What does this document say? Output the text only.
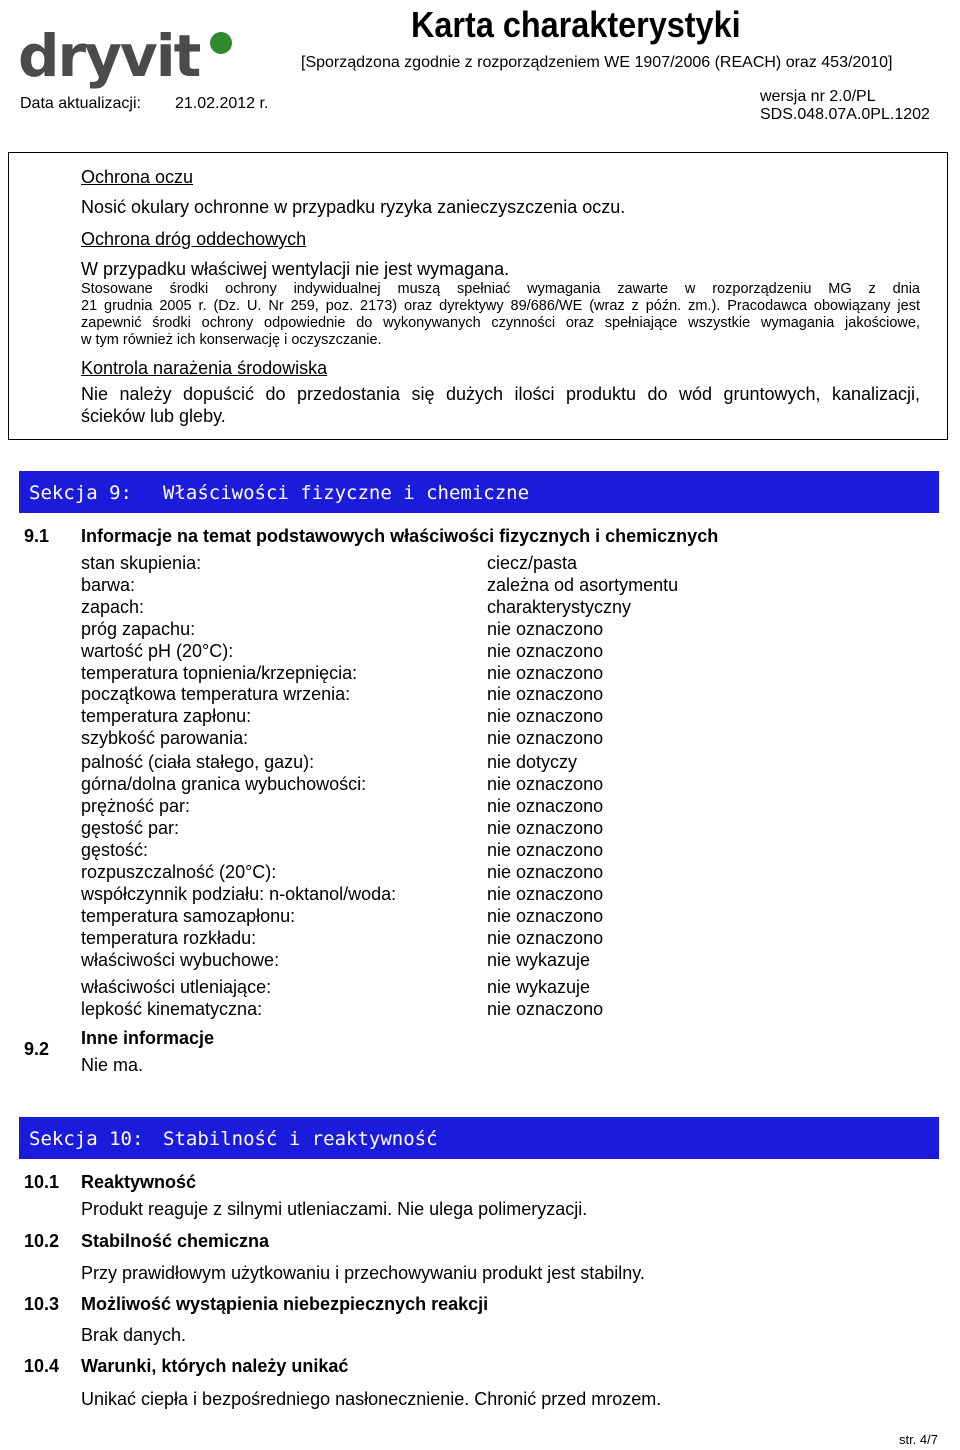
dryvit	Karta charakterystyki
[Sporządzona zgodnie z rozporządzeniem WE 1907/2006 (REACH) oraz 453/2010]
Data aktualizacji: 21.02.2012 r.	wersja nr 2.0/PL
SDS.048.07A.0PL.1202
Ochrona oczu
Nosić okulary ochronne w przypadku ryzyka zanieczyszczenia oczu.
Ochrona dróg oddechowych
W przypadku właściwej wentylacji nie jest wymagana.
Stosowane środki ochrony indywidualnej muszą spełniać wymagania zawarte w rozporządzeniu MG z dnia
21 grudnia 2005 r. (Dz. U. Nr 259, poz. 2173) oraz dyrektywy 89/686/WE (wraz z późn. zm.). Pracodawca obowiązany jest
zapewnić środki ochrony odpowiednie do wykonywanych czynności oraz spełniające wszystkie wymagania jakościowe,
w tym również ich konserwację i oczyszczanie.
Kontrola narażenia środowiska
Nie należy dopuścić do przedostania się dużych ilości produktu do wód gruntowych, kanalizacji,
ścieków lub gleby.
Sekcja 9: Właściwości fizyczne i chemiczne
9.1 Informacje na temat podstawowych właściwości fizycznych i chemicznych
stan skupienia:	ciecz/pasta
barwa:	zależna od asortymentu
zapach:	charakterystyczny
próg zapachu:	nie oznaczono
wartość pH (20°C):	nie oznaczono
temperatura topnienia/krzepnięcia:	nie oznaczono
początkowa temperatura wrzenia:	nie oznaczono
temperatura zapłonu:	nie oznaczono
szybkość parowania:	nie oznaczono
palność (ciała stałego, gazu):	nie dotyczy
górna/dolna granica wybuchowości:	nie oznaczono
prężność par:	nie oznaczono
gęstość par:	nie oznaczono
gęstość:	nie oznaczono
rozpuszczalność (20°C):	nie oznaczono
współczynnik podziału: n-oktanol/woda:	nie oznaczono
temperatura samozapłonu:	nie oznaczono
temperatura rozkładu:	nie oznaczono
właściwości wybuchowe:	nie wykazuje
właściwości utleniające:	nie wykazuje
lepkość kinematyczna:	nie oznaczono
9.2
Inne informacje
Nie ma.
Sekcja 10: Stabilność i reaktywność
10.1 Reaktywność
Produkt reaguje z silnymi utleniaczami. Nie ulega polimeryzacji.
10.2 Stabilność chemiczna
Przy prawidłowym użytkowaniu i przechowywaniu produkt jest stabilny.
10.3 Możliwość wystąpienia niebezpiecznych reakcji
Brak danych.
10.4 Warunki, których należy unikać
Unikać ciepła i bezpośredniego nasłonecznienie. Chronić przed mrozem.
str. 4/7
